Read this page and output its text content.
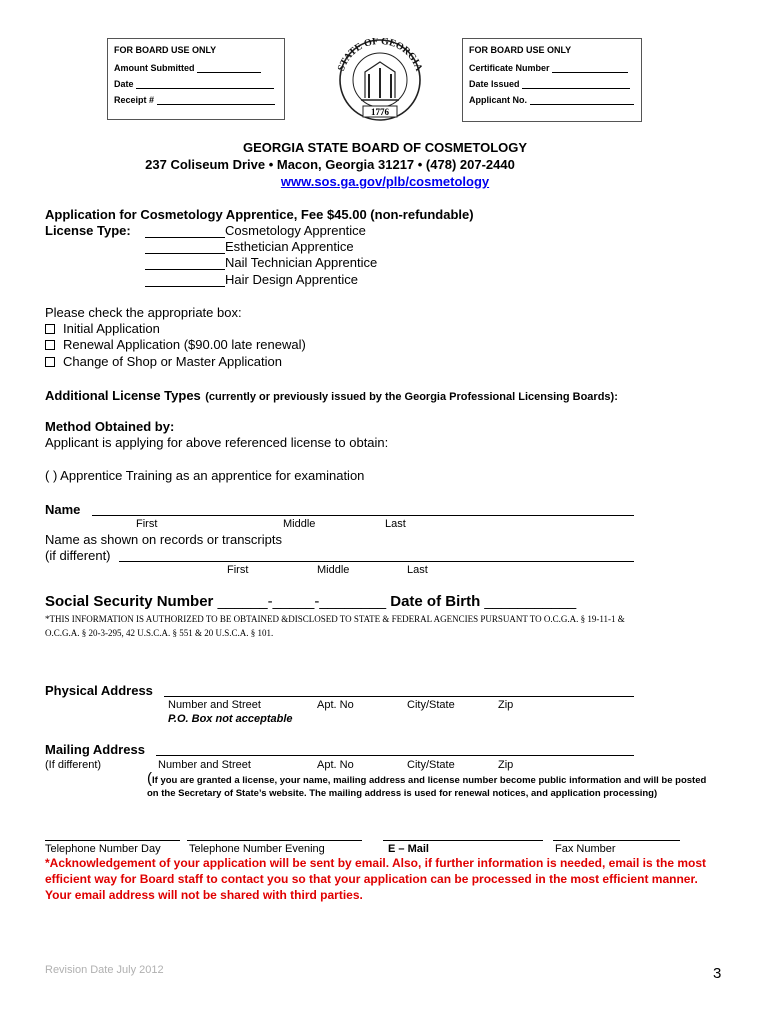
FOR BOARD USE ONLY
Amount Submitted
Date
Receipt #
STATE OF GEORGIA
1776
FOR BOARD USE ONLY
Certificate Number
Date Issued
Applicant No.
GEORGIA STATE BOARD OF COSMETOLOGY
237 Coliseum Drive • Macon, Georgia 31217 • (478) 207-2440
www.sos.ga.gov/plb/cosmetology
Application for Cosmetology Apprentice, Fee $45.00 (non-refundable)
License Type:	Cosmetology Apprentice
Esthetician Apprentice
Nail Technician Apprentice
Hair Design Apprentice
Please check the appropriate box:
Initial Application
Renewal Application ($90.00 late renewal)
Change of Shop or Master Application
Additional License Types (currently or previously issued by the Georgia Professional Licensing Boards):
Method Obtained by:
Applicant is applying for above referenced license to obtain:
( ) Apprentice Training as an apprentice for examination
Name
First	Middle	Last
Name as shown on records or transcripts
(if different)
First	Middle	Last
Social Security Number ______-_____-________ Date of Birth ___________
*THIS INFORMATION IS AUTHORIZED TO BE OBTAINED &DISCLOSED TO STATE & FEDERAL AGENCIES PURSUANT TO O.C.G.A. § 19-11-1 &
O.C.G.A. § 20-3-295, 42 U.S.C.A. § 551 & 20 U.S.C.A. § 101.
Physical Address
Number and Street	Apt. No	City/State	Zip
P.O. Box not acceptable
Mailing Address
(If different)	Number and Street	Apt. No	City/State	Zip
(If you are granted a license, your name, mailing address and license number become public information and will be posted on the Secretary of State’s website. The mailing address is used for renewal notices, and application processing)
Telephone Number Day	Telephone Number Evening	E – Mail	Fax Number
*Acknowledgement of your application will be sent by email. Also, if further information is needed, email is the most efficient way for Board staff to contact you so that your application can be processed in the most efficient manner. Your email address will not be shared with third parties.
Revision Date July 2012	3
